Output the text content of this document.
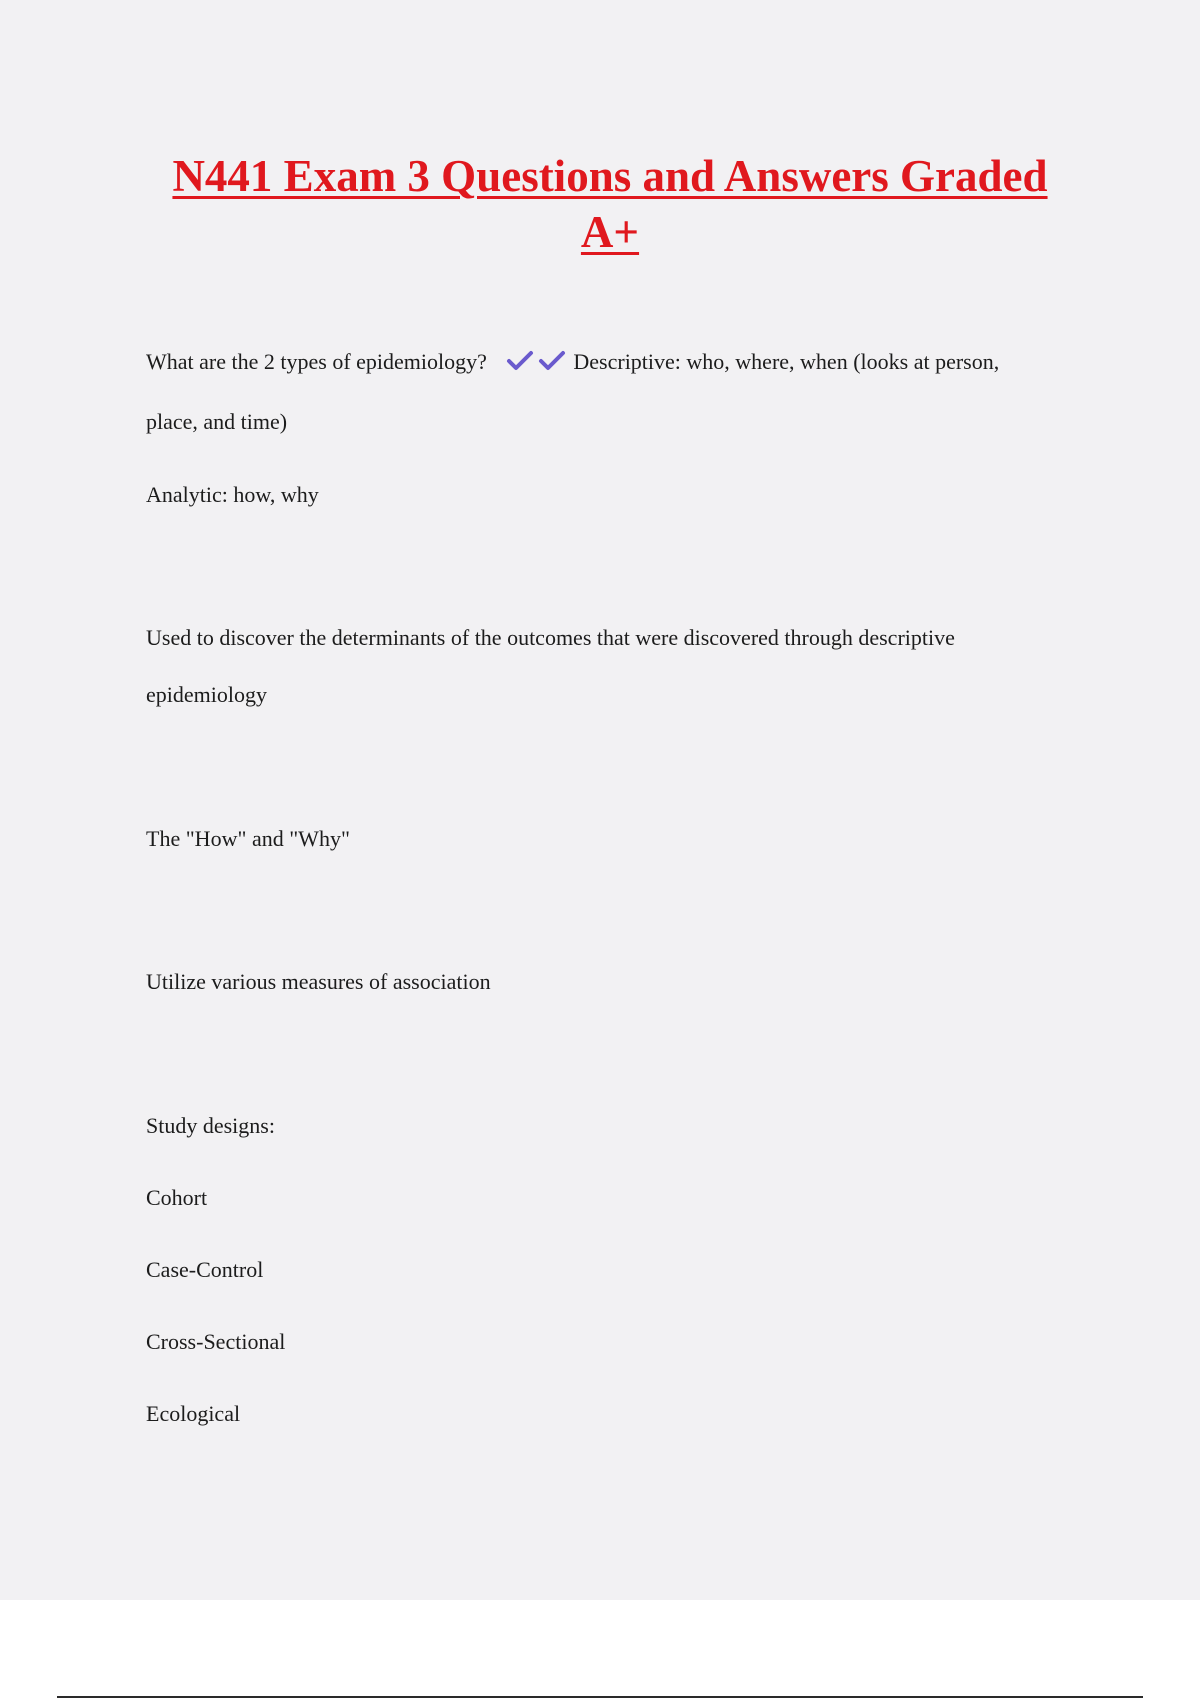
N441 Exam 3 Questions and Answers Graded
A+

What are the 2 types of epidemiology?	Descriptive: who, where, when (looks at person,

place, and time)

Analytic: how, why

Used to discover the determinants of the outcomes that were discovered through descriptive

epidemiology

The "How" and "Why"

Utilize various measures of association

Study designs:

Cohort

Case-Control

Cross-Sectional

Ecological
